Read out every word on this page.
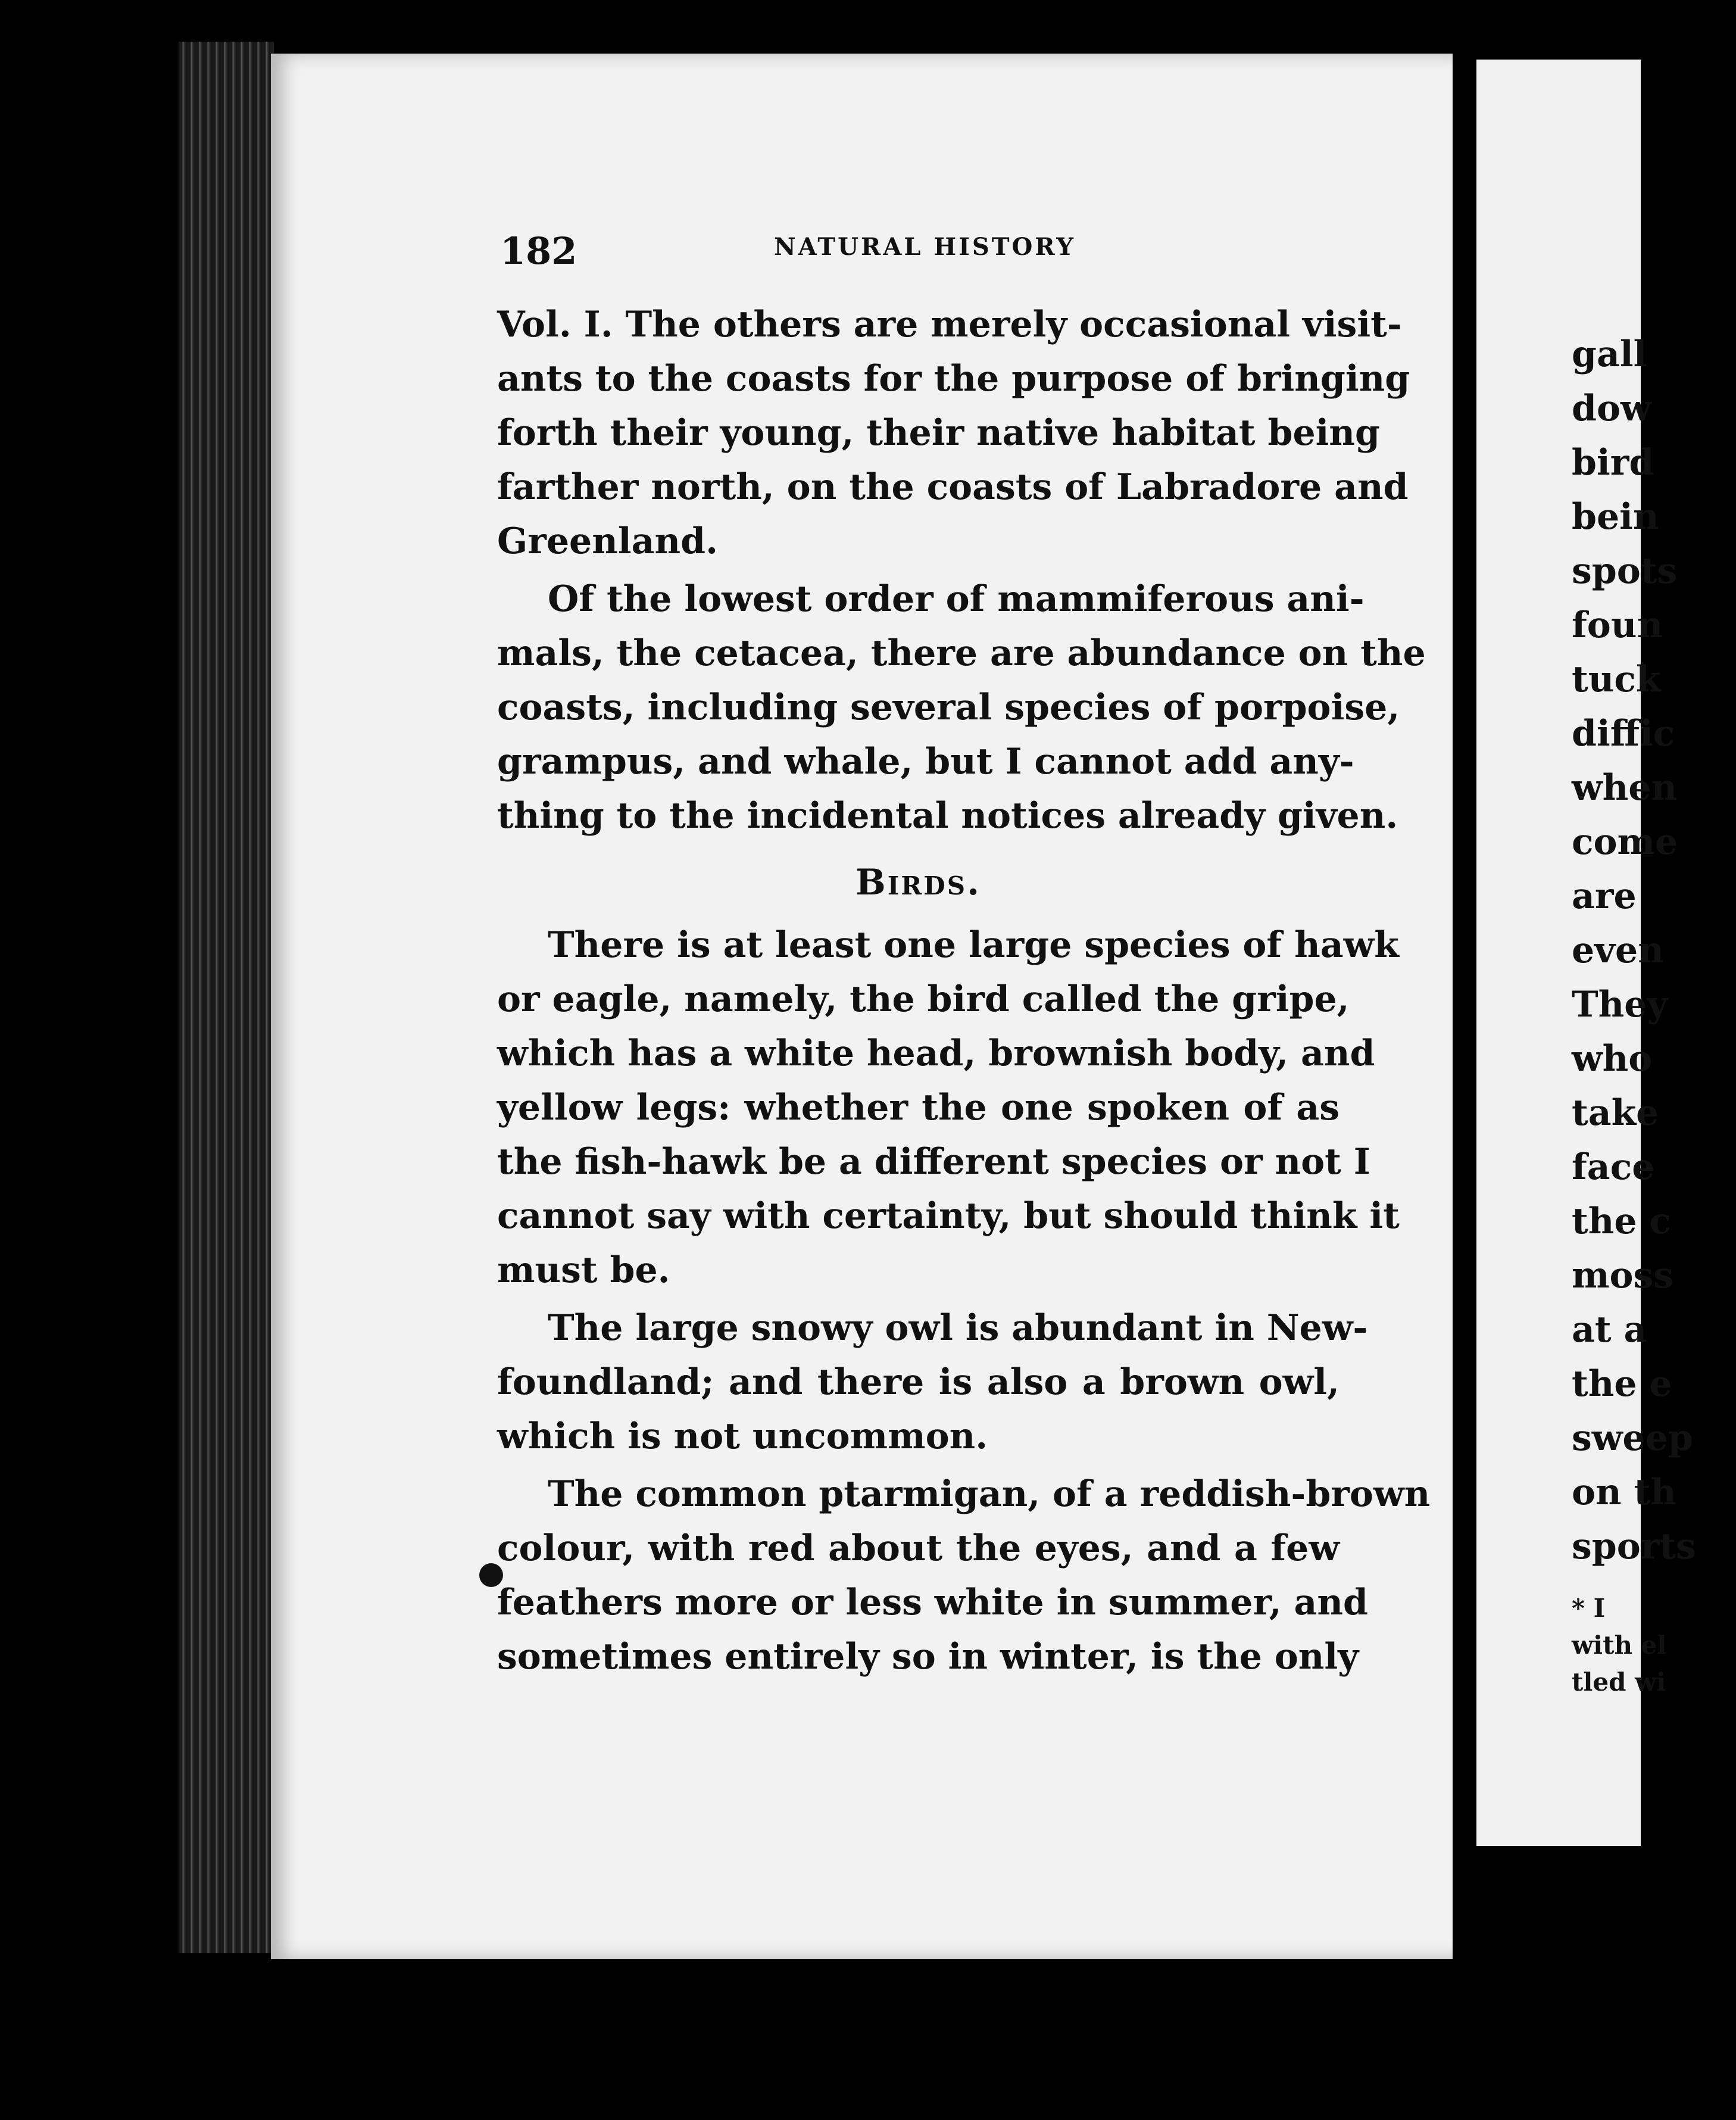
gall
dow
bird
bein
spots
foun
tuck
diffic
when
come
are
even
They
who
take
face
the c
moss
at a
the e
sweep
on th
sports
* I
with el
tled wi
182	NATURAL HISTORY
Vol. I. The others are merely occasional visit-
ants to the coasts for the purpose of bringing
forth their young, their native habitat being
farther north, on the coasts of Labradore and
Greenland.
Of the lowest order of mammiferous ani-
mals, the cetacea, there are abundance on the
coasts, including several species of porpoise,
grampus, and whale, but I cannot add any-
thing to the incidental notices already given.
Birds.
There is at least one large species of hawk
or eagle, namely, the bird called the gripe,
which has a white head, brownish body, and
yellow legs: whether the one spoken of as
the fish-hawk be a different species or not I
cannot say with certainty, but should think it
must be.
The large snowy owl is abundant in New-
foundland; and there is also a brown owl,
which is not uncommon.
The common ptarmigan, of a reddish-brown
colour, with red about the eyes, and a few
feathers more or less white in summer, and
sometimes entirely so in winter, is the only
